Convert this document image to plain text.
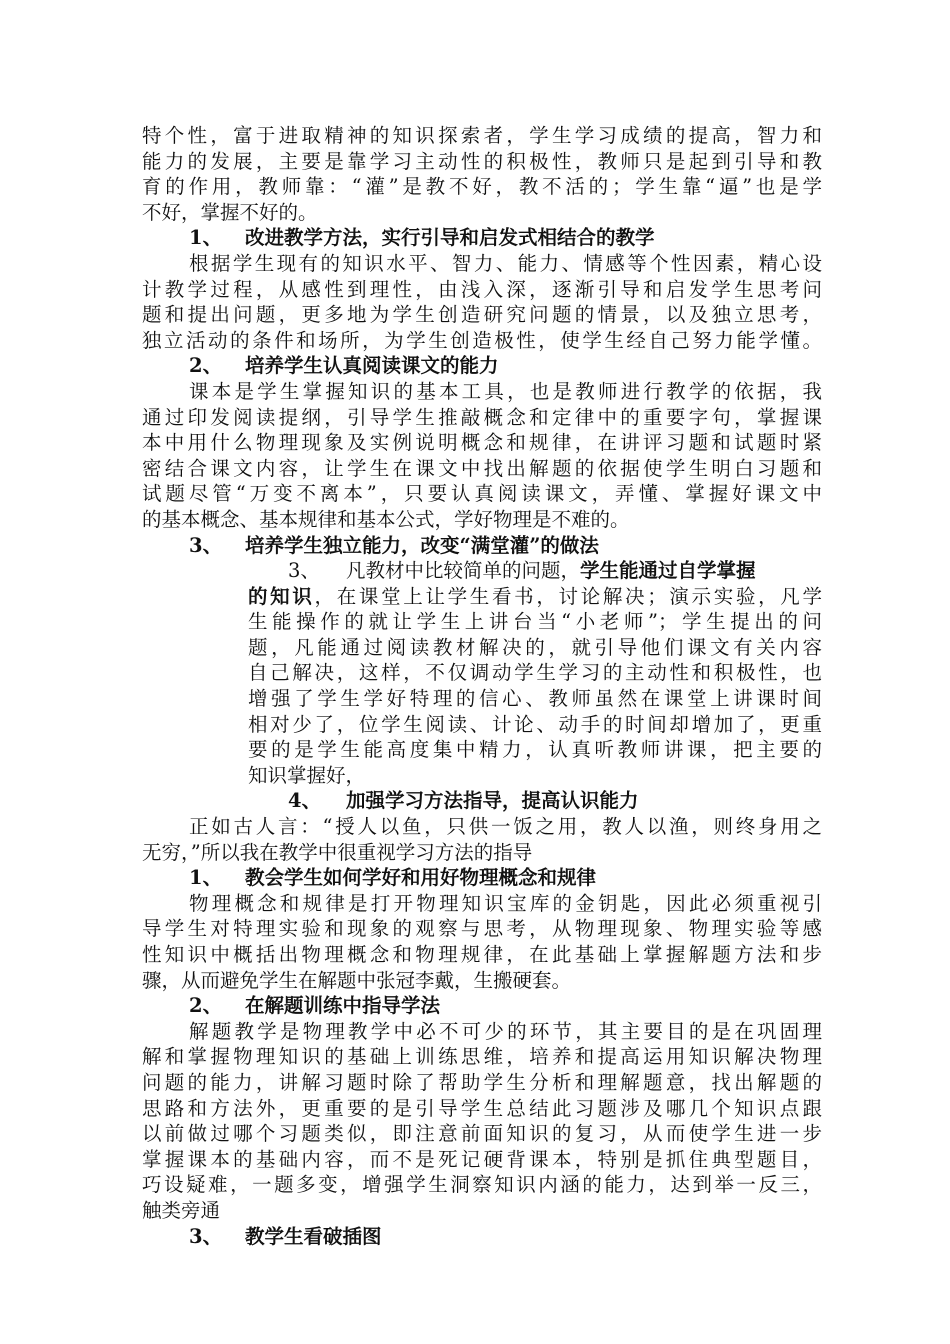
特个性，富于进取精神的知识探索者，学生学习成绩的提高，智力和
能力的发展，主要是靠学习主动性的积极性，教师只是起到引导和教
育的作用，教师靠：“灌”是教不好，教不活的；学生靠“逼”也是学
不好，掌握不好的。
1、 改进教学方法，实行引导和启发式相结合的教学
根据学生现有的知识水平、智力、能力、情感等个性因素，精心设
计教学过程，从感性到理性，由浅入深，逐渐引导和启发学生思考问
题和提出问题，更多地为学生创造研究问题的情景，以及独立思考，
独立活动的条件和场所，为学生创造极性，使学生经自己努力能学懂。
2、 培养学生认真阅读课文的能力
课本是学生掌握知识的基本工具，也是教师进行教学的依据，我
通过印发阅读提纲，引导学生推敲概念和定律中的重要字句，掌握课
本中用什么物理现象及实例说明概念和规律，在讲评习题和试题时紧
密结合课文内容，让学生在课文中找出解题的依据使学生明白习题和
试题尽管“万变不离本”，只要认真阅读课文，弄懂、掌握好课文中
的基本概念、基本规律和基本公式，学好物理是不难的。
3、 培养学生独立能力，改变“满堂灌”的做法
3、 凡教材中比较简单的问题，学生能通过自学掌握
的知识，在课堂上让学生看书，讨论解决；演示实验，凡学
生能操作的就让学生上讲台当“小老师”；学生提出的问
题，凡能通过阅读教材解决的，就引导他们课文有关内容
自己解决，这样，不仅调动学生学习的主动性和积极性，也
增强了学生学好特理的信心、教师虽然在课堂上讲课时间
相对少了，位学生阅读、计论、动手的时间却增加了，更重
要的是学生能高度集中精力，认真听教师讲课，把主要的
知识掌握好，
4、 加强学习方法指导，提高认识能力
正如古人言：“授人以鱼，只供一饭之用，教人以渔，则终身用之
无穷，”所以我在教学中很重视学习方法的指导
1、 教会学生如何学好和用好物理概念和规律
物理概念和规律是打开物理知识宝库的金钥匙，因此必须重视引
导学生对特理实验和现象的观察与思考，从物理现象、物理实验等感
性知识中概括出物理概念和物理规律，在此基础上掌握解题方法和步
骤，从而避免学生在解题中张冠李戴，生搬硬套。
2、 在解题训练中指导学法
解题教学是物理教学中必不可少的环节，其主要目的是在巩固理
解和掌握物理知识的基础上训练思维，培养和提高运用知识解决物理
问题的能力，讲解习题时除了帮助学生分析和理解题意，找出解题的
思路和方法外，更重要的是引导学生总结此习题涉及哪几个知识点跟
以前做过哪个习题类似，即注意前面知识的复习，从而使学生进一步
掌握课本的基础内容，而不是死记硬背课本，特别是抓住典型题目，
巧设疑难，一题多变，增强学生洞察知识内涵的能力，达到举一反三，
触类旁通
3、 教学生看破插图
